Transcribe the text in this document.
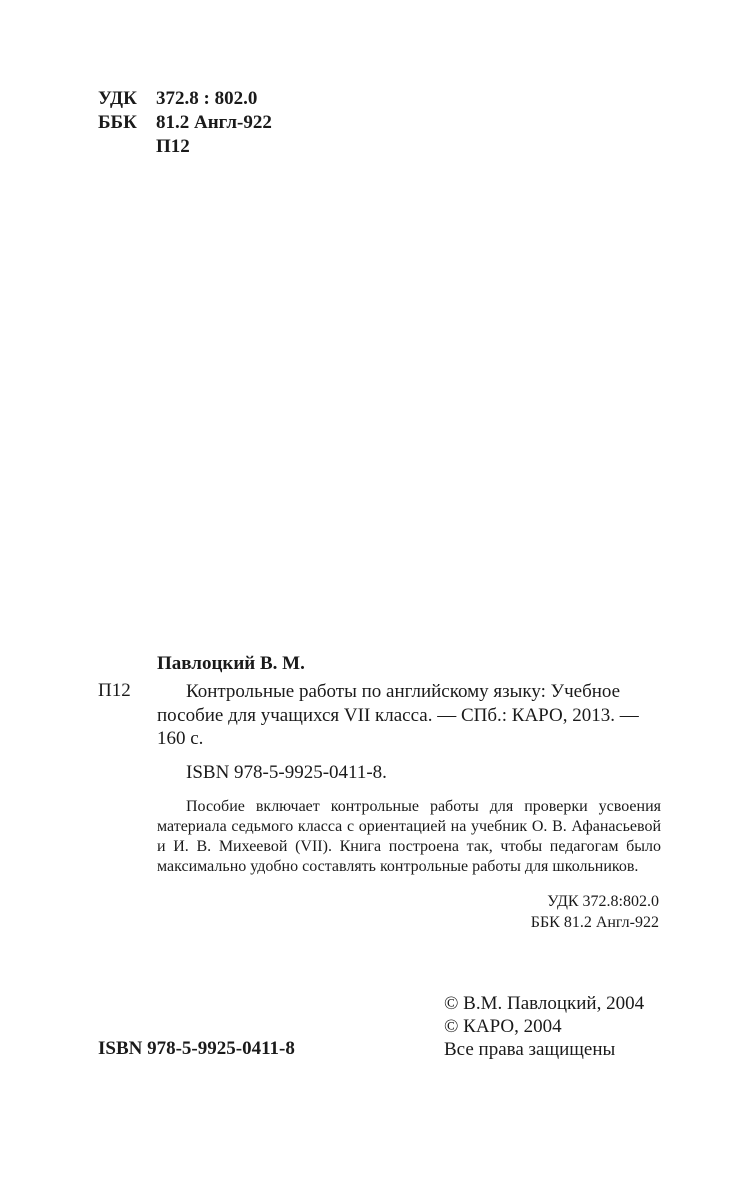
УДК 372.8 : 802.0
ББК 81.2 Англ-922
П12
Павлоцкий В. М.
П12	Контрольные работы по английскому языку: Учебное
пособие для учащихся VII класса. — СПб.: КАРО, 2013. —
160 с.
ISBN 978-5-9925-0411-8.
Пособие включает контрольные работы для проверки усвоения материала седьмого класса с ориентацией на учебник О. В. Афанасьевой и И. В. Михеевой (VII). Книга построена так, чтобы педагогам было максимально удобно составлять контрольные работы для школьников.
УДК 372.8:802.0
ББК 81.2 Англ-922
© В.М. Павлоцкий, 2004
© КАРО, 2004
Все права защищены
ISBN 978-5-9925-0411-8
